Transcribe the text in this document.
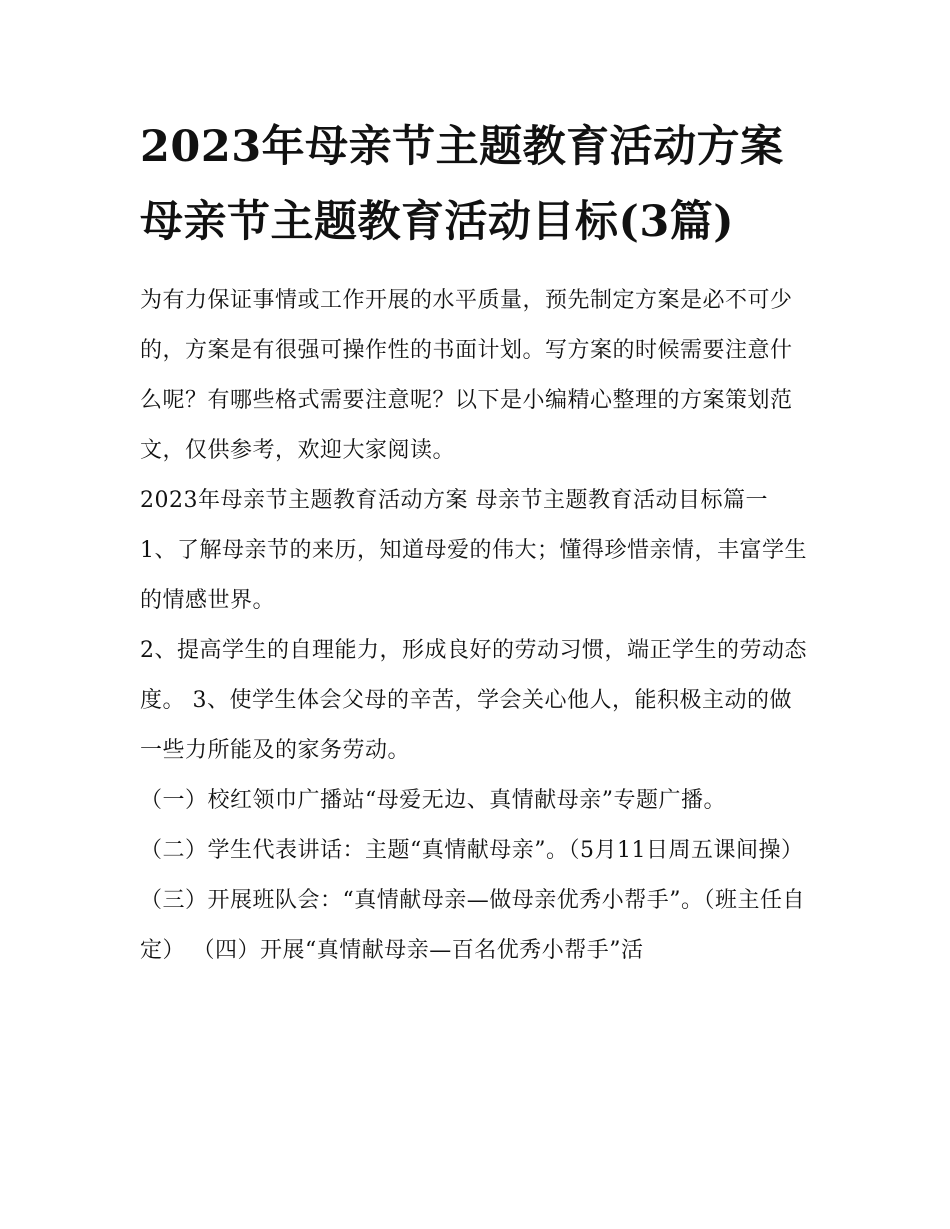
2023年母亲节主题教育活动方案 母亲节主题教育活动目标(3篇)

为有力保证事情或工作开展的水平质量，预先制定方案是必不可少的，方案是有很强可操作性的书面计划。写方案的时候需要注意什么呢？有哪些格式需要注意呢？以下是小编精心整理的方案策划范文，仅供参考，欢迎大家阅读。

2023年母亲节主题教育活动方案 母亲节主题教育活动目标篇一 1、了解母亲节的来历，知道母爱的伟大；懂得珍惜亲情，丰富学生的情感世界。

2、提高学生的自理能力，形成良好的劳动习惯，端正学生的劳动态度。 3、使学生体会父母的辛苦，学会关心他人，能积极主动的做一些力所能及的家务劳动。

（一）校红领巾广播站“母爱无边、真情献母亲”专题广播。

（二）学生代表讲话：主题“真情献母亲”。（5月11日周五课间操）

（三）开展班队会：“真情献母亲—做母亲优秀小帮手”。（班主任自定） （四）开展“真情献母亲—百名优秀小帮手”活
